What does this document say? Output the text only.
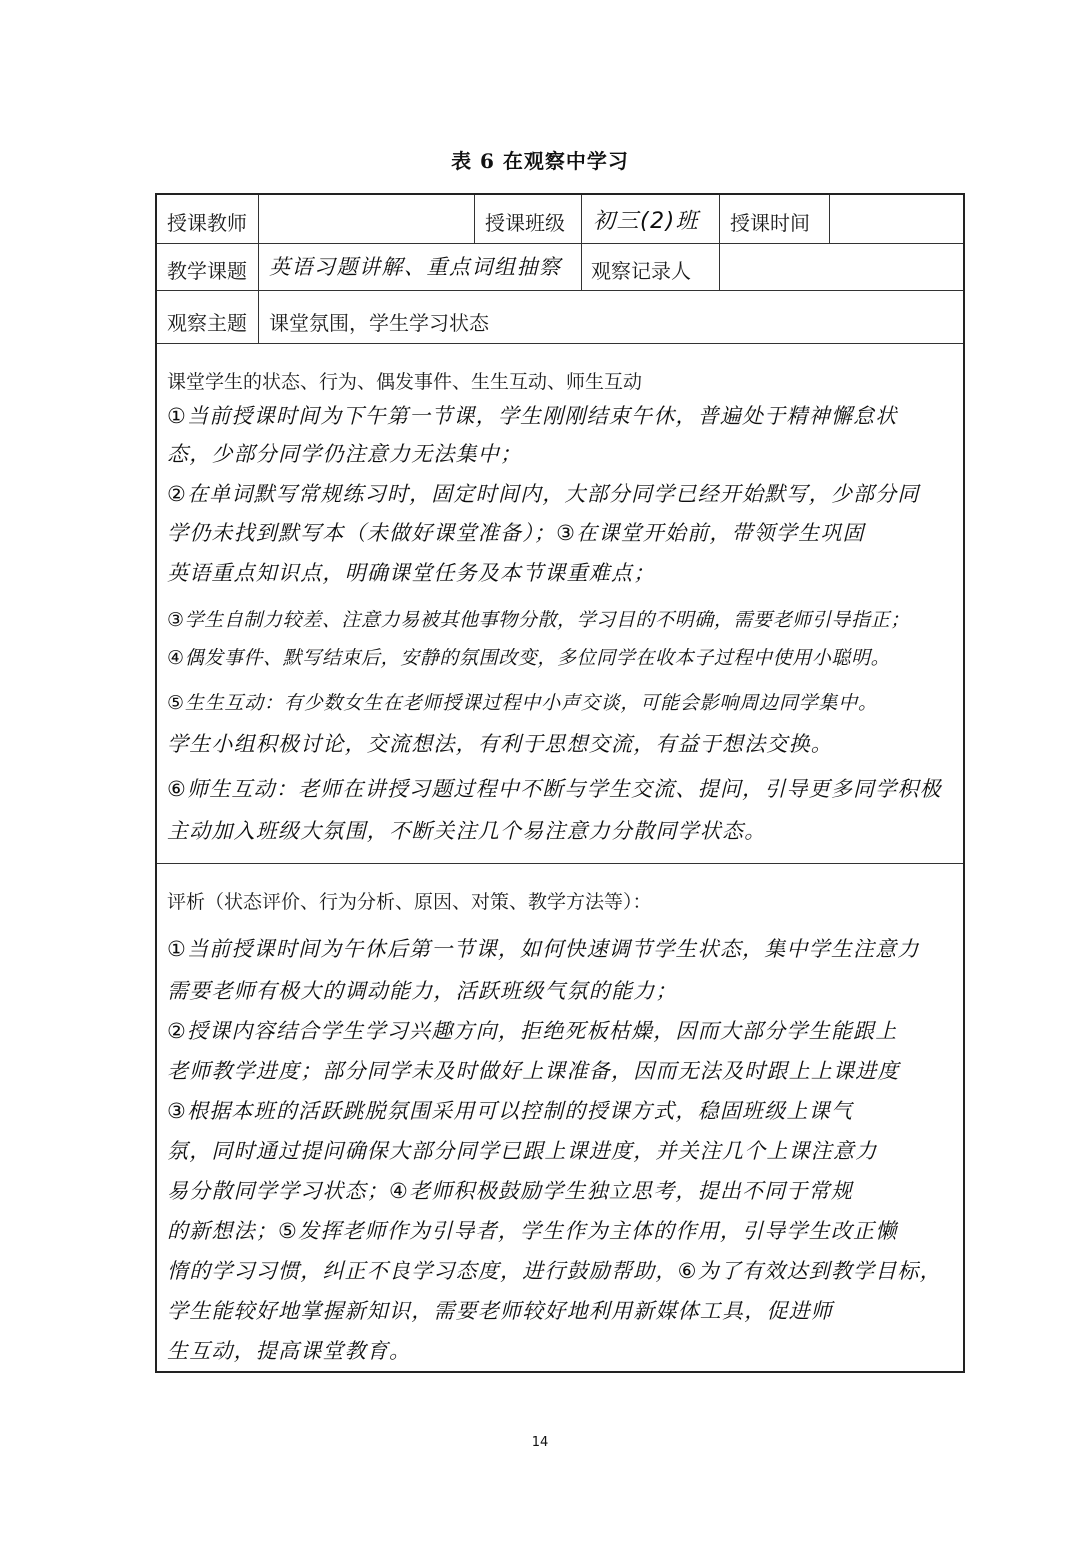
表 6 在观察中学习
授课教师	授课班级 初三(2)班 授课时间
教学课题 英语习题讲解、重点词组抽察 观察记录人
观察主题 课堂氛围，学生学习状态
课堂学生的状态、行为、偶发事件、生生互动、师生互动
①当前授课时间为下午第一节课，学生刚刚结束午休，普遍处于精神懈怠状
态，少部分同学仍注意力无法集中；
②在单词默写常规练习时，固定时间内，大部分同学已经开始默写，少部分同
学仍未找到默写本（未做好课堂准备）；③在课堂开始前，带领学生巩固
英语重点知识点，明确课堂任务及本节课重难点；
③学生自制力较差、注意力易被其他事物分散，学习目的不明确，需要老师引导指正；
④偶发事件、默写结束后，安静的氛围改变，多位同学在收本子过程中使用小聪明。
⑤生生互动：有少数女生在老师授课过程中小声交谈，可能会影响周边同学集中。
学生小组积极讨论，交流想法，有利于思想交流，有益于想法交换。
⑥师生互动：老师在讲授习题过程中不断与学生交流、提问，引导更多同学积极
主动加入班级大氛围，不断关注几个易注意力分散同学状态。
评析（状态评价、行为分析、原因、对策、教学方法等）：
①当前授课时间为午休后第一节课，如何快速调节学生状态，集中学生注意力
需要老师有极大的调动能力，活跃班级气氛的能力；
②授课内容结合学生学习兴趣方向，拒绝死板枯燥，因而大部分学生能跟上
老师教学进度；部分同学未及时做好上课准备，因而无法及时跟上上课进度
③根据本班的活跃跳脱氛围采用可以控制的授课方式，稳固班级上课气
氛，同时通过提问确保大部分同学已跟上课进度，并关注几个上课注意力
易分散同学学习状态；④老师积极鼓励学生独立思考，提出不同于常规
的新想法；⑤发挥老师作为引导者，学生作为主体的作用，引导学生改正懒
惰的学习习惯，纠正不良学习态度，进行鼓励帮助，⑥为了有效达到教学目标，
学生能较好地掌握新知识，需要老师较好地利用新媒体工具，促进师
生互动，提高课堂教育。
14
